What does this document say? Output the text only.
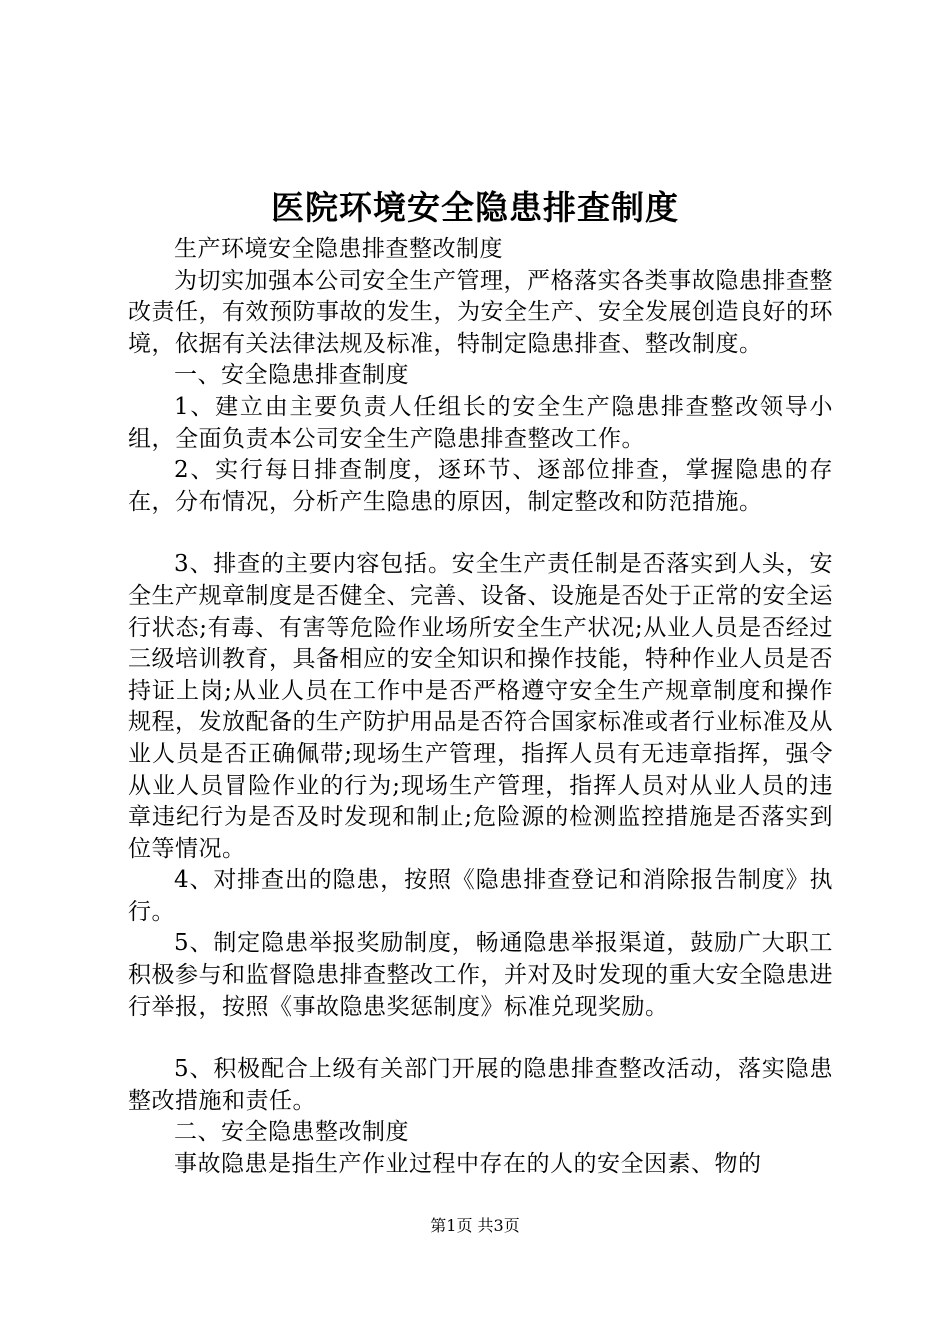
医院环境安全隐患排查制度

生产环境安全隐患排查整改制度

为切实加强本公司安全生产管理，严格落实各类事故隐患排查整改责任，有效预防事故的发生，为安全生产、安全发展创造良好的环境，依据有关法律法规及标准，特制定隐患排查、整改制度。

一、安全隐患排查制度

1、建立由主要负责人任组长的安全生产隐患排查整改领导小组，全面负责本公司安全生产隐患排查整改工作。

2、实行每日排查制度，逐环节、逐部位排查，掌握隐患的存在，分布情况，分析产生隐患的原因，制定整改和防范措施。

3、排查的主要内容包括。安全生产责任制是否落实到人头，安全生产规章制度是否健全、完善、设备、设施是否处于正常的安全运行状态;有毒、有害等危险作业场所安全生产状况;从业人员是否经过三级培训教育，具备相应的安全知识和操作技能，特种作业人员是否持证上岗;从业人员在工作中是否严格遵守安全生产规章制度和操作规程，发放配备的生产防护用品是否符合国家标准或者行业标准及从业人员是否正确佩带;现场生产管理，指挥人员有无违章指挥，强令从业人员冒险作业的行为;现场生产管理，指挥人员对从业人员的违章违纪行为是否及时发现和制止;危险源的检测监控措施是否落实到位等情况。

4、对排查出的隐患，按照《隐患排查登记和消除报告制度》执行。

5、制定隐患举报奖励制度，畅通隐患举报渠道，鼓励广大职工积极参与和监督隐患排查整改工作，并对及时发现的重大安全隐患进行举报，按照《事故隐患奖惩制度》标准兑现奖励。

5、积极配合上级有关部门开展的隐患排查整改活动，落实隐患整改措施和责任。

二、安全隐患整改制度

事故隐患是指生产作业过程中存在的人的安全因素、物的

第1页 共3页
